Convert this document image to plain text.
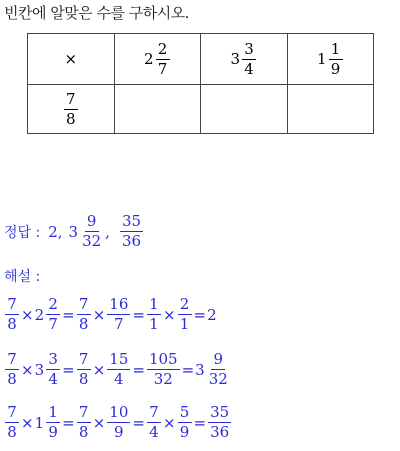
빈칸에 알맞은 수를 구하시오.
×	$2 \frac{2}{7}$	$3 \frac{3}{4}$	$1 \frac{1}{9}$

$\frac{7}{8}$

정답 : 2, $3 \frac{9}{32}$ , $\frac{35}{36}$
해설 :
$\frac{7}{8} \times 2 \frac{2}{7} = \frac{7}{8} \times \frac{16}{7} = \frac{1}{1} \times \frac{2}{1} = 2$
$\frac{7}{8} \times 3 \frac{3}{4} = \frac{7}{8} \times \frac{15}{4} = \frac{105}{32} = 3 \frac{9}{32}$
$\frac{7}{8} \times 1 \frac{1}{9} = \frac{7}{8} \times \frac{10}{9} = \frac{7}{4} \times \frac{5}{9} = \frac{35}{36}$
